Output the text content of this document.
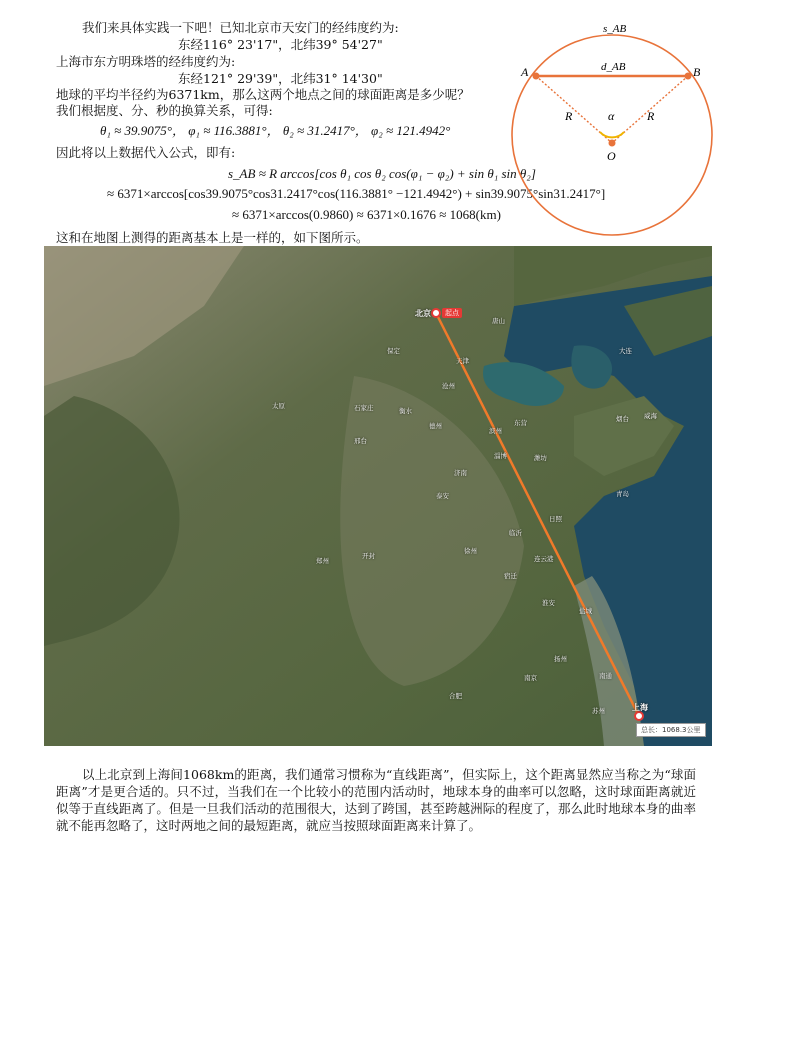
我们来具体实践一下吧！已知北京市天安门的经纬度约为:
东经116° 23'17"，北纬39° 54'27"
上海市东方明珠塔的经纬度约为:
东经121° 29'39"，北纬31° 14'30"
地球的平均半径约为6371km，那么这两个地点之间的球面距离是多少呢？
我们根据度、分、秒的换算关系，可得:
θ₁ ≈ 39.9075°， φ₁ ≈ 116.3881°， θ₂ ≈ 31.2417°， φ₂ ≈ 121.4942°
因此将以上数据代入公式，即有:
s_AB ≈ R arccos[cos θ₁ cos θ₂ cos(φ₁ − φ₂) + sin θ₁ sin θ₂]
≈ 6371×arccos[cos39.9075°cos31.2417°cos(116.3881° −121.4942°) + sin39.9075°sin31.2417°]
≈ 6371×arccos(0.9860) ≈ 6371×0.1676 ≈ 1068(km)
这和在地图上测得的距离基本上是一样的，如下图所示。
s_AB
d_AB
A	B
R	R
α
O
北京	起点
上海
总长：1068.3公里
天津
沧州
石家庄	衡水
德州
邢台
济南
泰安
滨州
东营
淄博	潍坊
日照
临沂
徐州
连云港
盐城
宿迁
淮安
扬州
南京	南通
苏州
合肥
郑州
开封
太原
保定
唐山
大连
青岛
威海
烟台
以上北京到上海间1068km的距离，我们通常习惯称为“直线距离”，但实际上，这个距离显然应当称之为“球面距离”才是更合适的。只不过，当我们在一个比较小的范围内活动时，地球本身的曲率可以忽略，这时球面距离就近似等于直线距离了。但是一旦我们活动的范围很大，达到了跨国，甚至跨越洲际的程度了，那么此时地球本身的曲率就不能再忽略了，这时两地之间的最短距离，就应当按照球面距离来计算了。
